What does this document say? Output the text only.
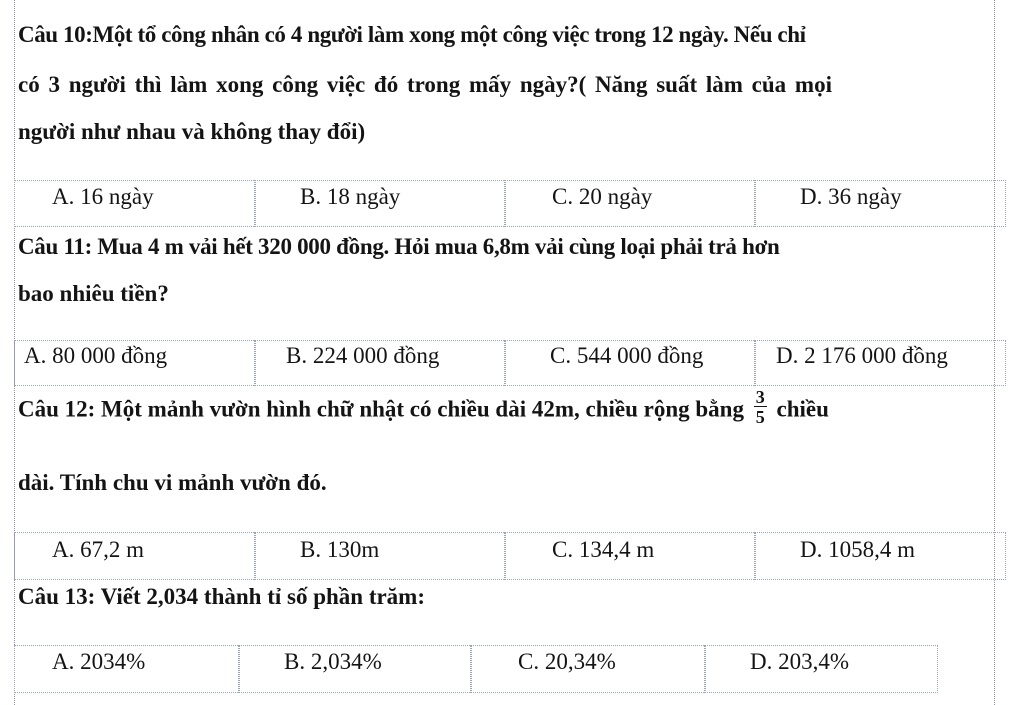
Câu 10:Một tổ công nhân có 4 người làm xong một công việc trong 12 ngày. Nếu chỉ
có 3 người thì làm xong công việc đó trong mấy ngày?( Năng suất làm của mọi
người như nhau và không thay đổi)
A. 16 ngày	B. 18 ngày	C. 20 ngày	D. 36 ngày
Câu 11: Mua 4 m vải hết 320 000 đồng. Hỏi mua 6,8m vải cùng loại phải trả hơn
bao nhiêu tiền?
A. 80 000 đồng	B. 224 000 đồng	C. 544 000 đồng	D. 2 176 000 đồng
Câu 12: Một mảnh vườn hình chữ nhật có chiều dài 42m, chiều rộng bằng $\frac{3}{5}$ chiều
dài. Tính chu vi mảnh vườn đó.
A. 67,2 m	B. 130m	C. 134,4 m	D. 1058,4 m
Câu 13: Viết 2,034 thành tỉ số phần trăm:
A. 2034%	B. 2,034%	C. 20,34%	D. 203,4%
